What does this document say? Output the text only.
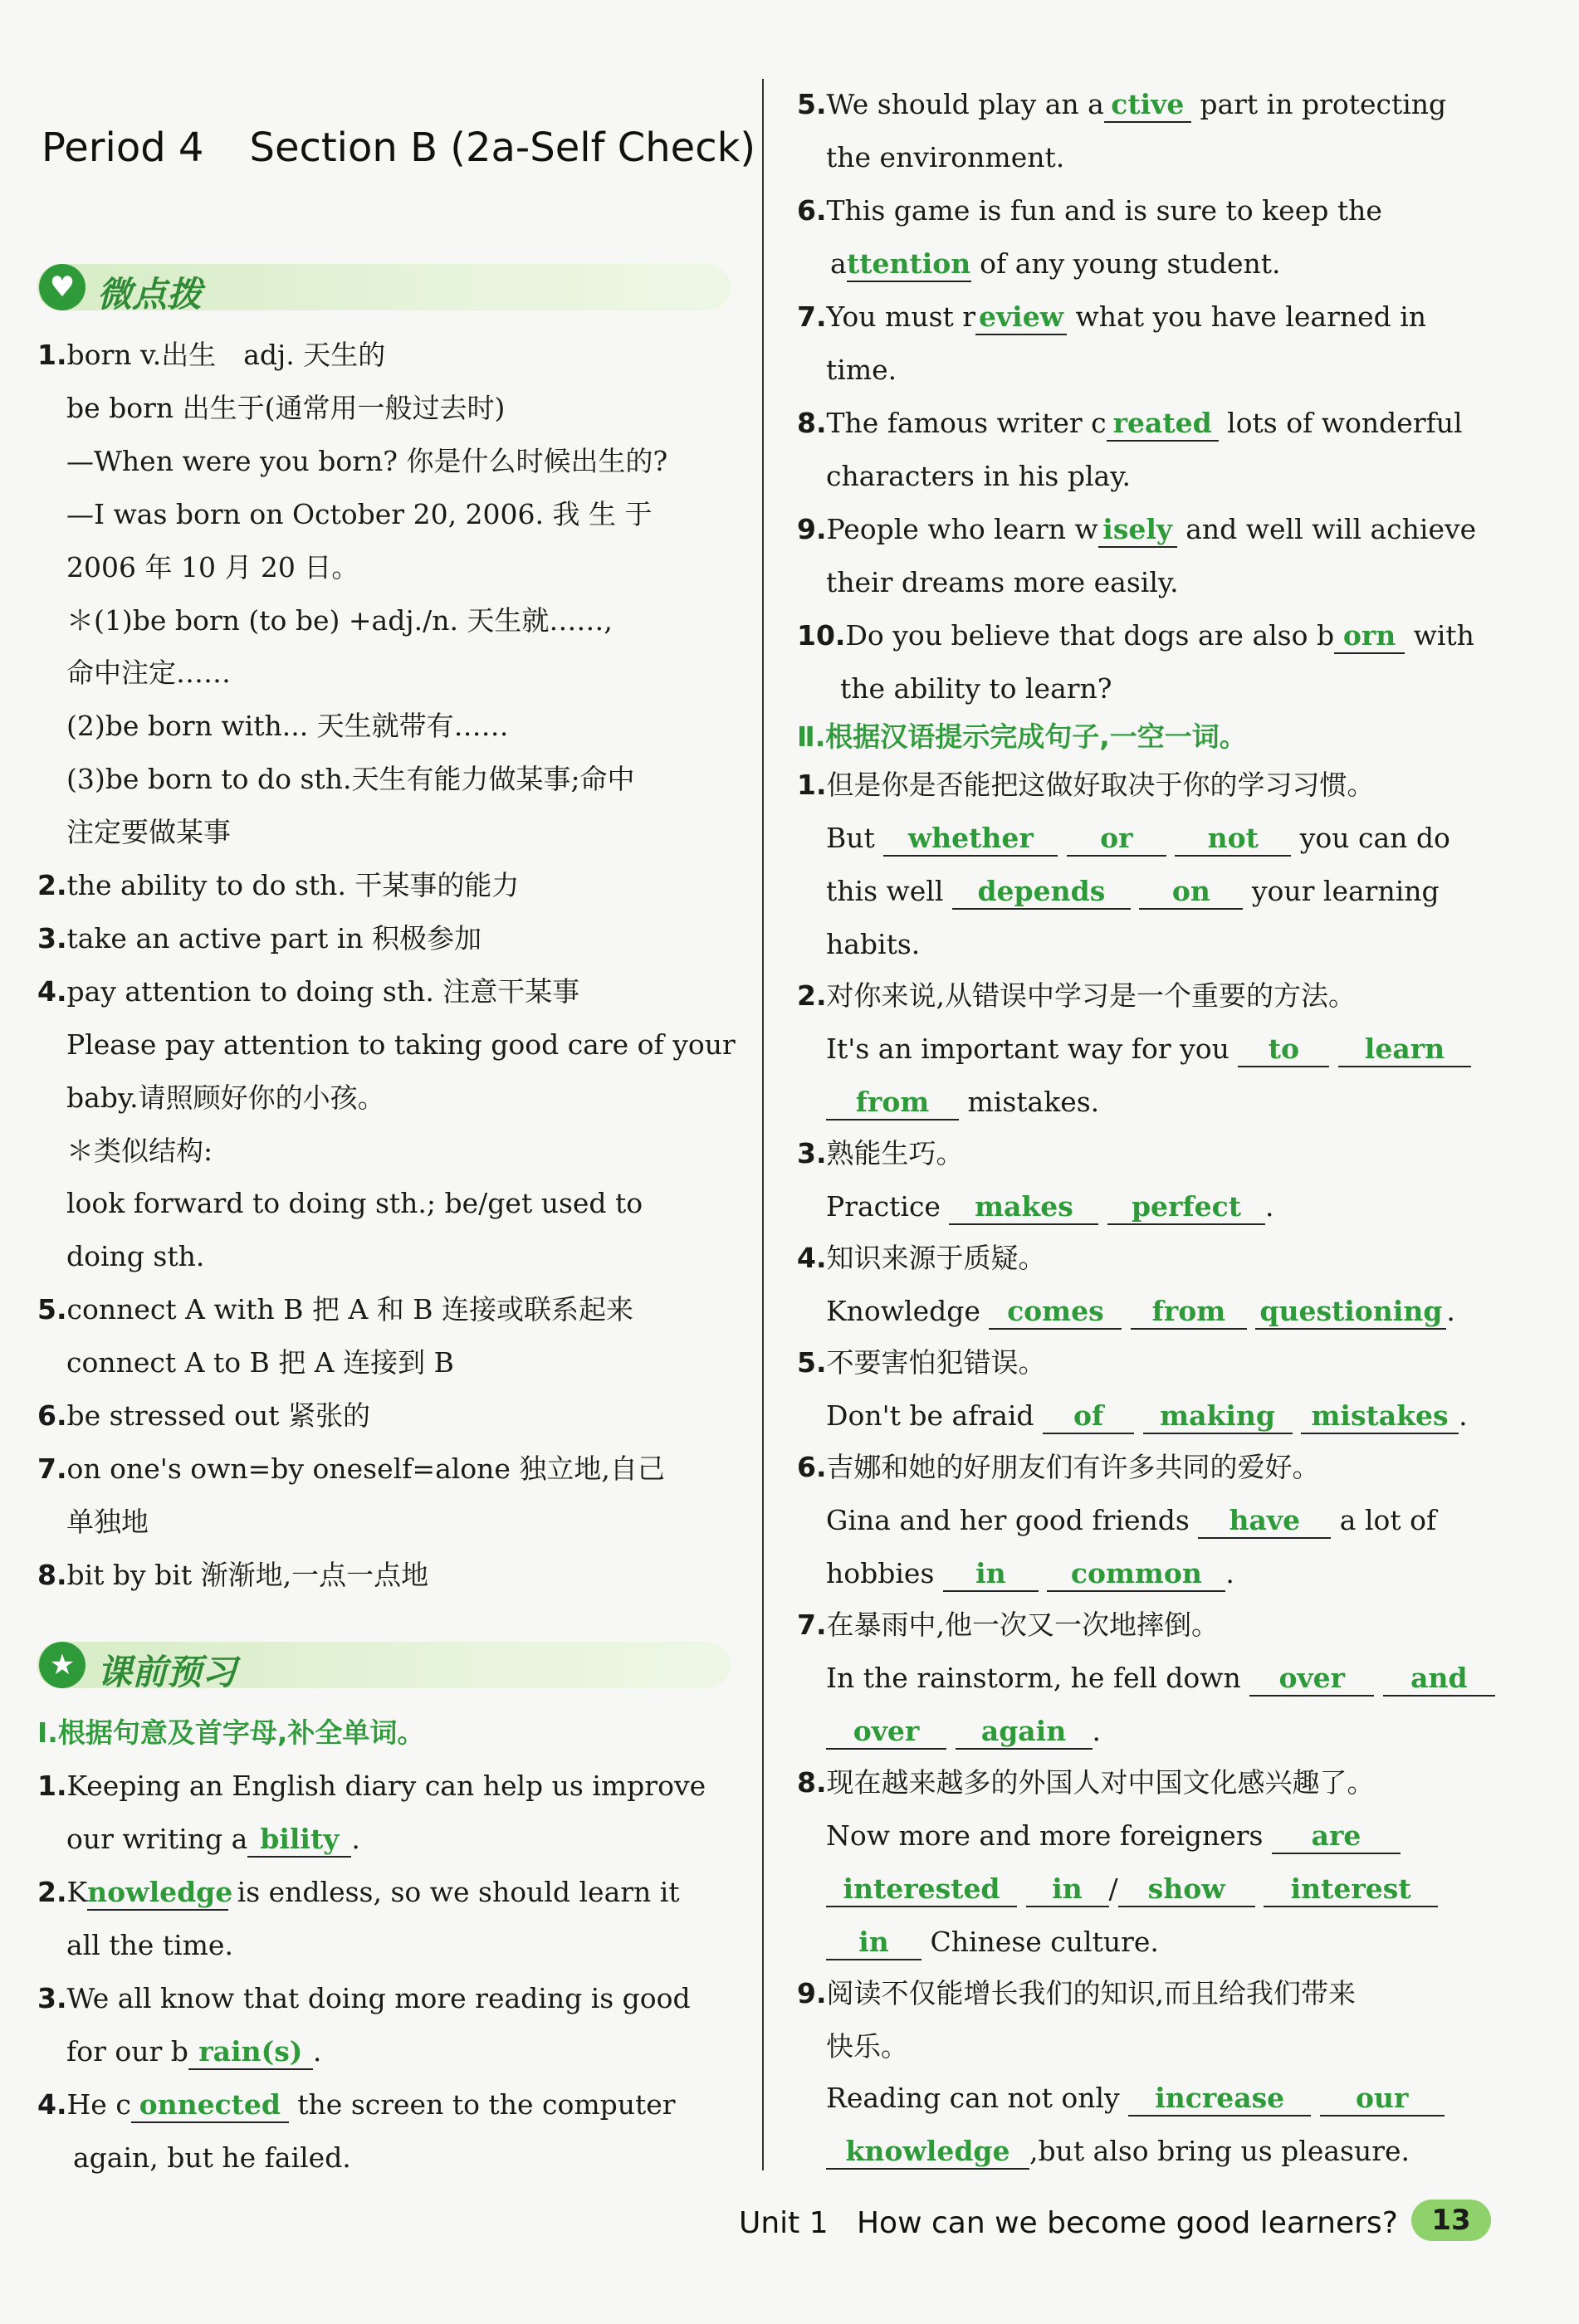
Period 4 Section B (2a-Self Check)
♥ 微点拨
1.born v.出生　adj. 天生的
be born 出生于(通常用一般过去时)
—When were you born? 你是什么时候出生的?
—I was born on October 20, 2006. 我 生 于
2006 年 10 月 20 日。
＊(1)be born (to be) +adj./n. 天生就……,
命中注定……
(2)be born with... 天生就带有……
(3)be born to do sth.天生有能力做某事;命中
注定要做某事
2.the ability to do sth. 干某事的能力
3.take an active part in 积极参加
4.pay attention to doing sth. 注意干某事
Please pay attention to taking good care of your
baby.请照顾好你的小孩。
＊类似结构:
look forward to doing sth.; be/get used to
doing sth.
5.connect A with B 把 A 和 B 连接或联系起来
connect A to B 把 A 连接到 B
6.be stressed out 紧张的
7.on one's own=by oneself=alone 独立地,自己
单独地
8.bit by bit 渐渐地,一点一点地
★ 课前预习
Ⅰ.根据句意及首字母,补全单词。
1.Keeping an English diary can help us improve
our writing a bility .
2.Knowledge is endless, so we should learn it
all the time.
3.We all know that doing more reading is good
for our b rain(s) .
4.He c onnected the screen to the computer
again, but he failed.
5.We should play an a ctive part in protecting
the environment.
6.This game is fun and is sure to keep the
attention of any young student.
7.You must r eview what you have learned in
time.
8.The famous writer c reated lots of wonderful
characters in his play.
9.People who learn w isely and well will achieve
their dreams more easily.
10.Do you believe that dogs are also b orn with
the ability to learn?
Ⅱ.根据汉语提示完成句子,一空一词。
1.但是你是否能把这做好取决于你的学习习惯。
But whether or	not you can do
this well depends on your learning
habits.
2.对你来说,从错误中学习是一个重要的方法。
It's an important way for you to learn
from mistakes.
3.熟能生巧。
Practice makes perfect .
4.知识来源于质疑。
Knowledge comes from questioning .
5.不要害怕犯错误。
Don't be afraid of making mistakes .
6.吉娜和她的好朋友们有许多共同的爱好。
Gina and her good friends have a lot of
hobbies in common .
7.在暴雨中,他一次又一次地摔倒。
In the rainstorm, he fell down over and
over again .
8.现在越来越多的外国人对中国文化感兴趣了。
Now more and more foreigners are
interested in / show interest
in Chinese culture.
9.阅读不仅能增长我们的知识,而且给我们带来
快乐。
Reading can not only increase	our
knowledge ,but also bring us pleasure.
Unit 1 How can we become good learners?	13
